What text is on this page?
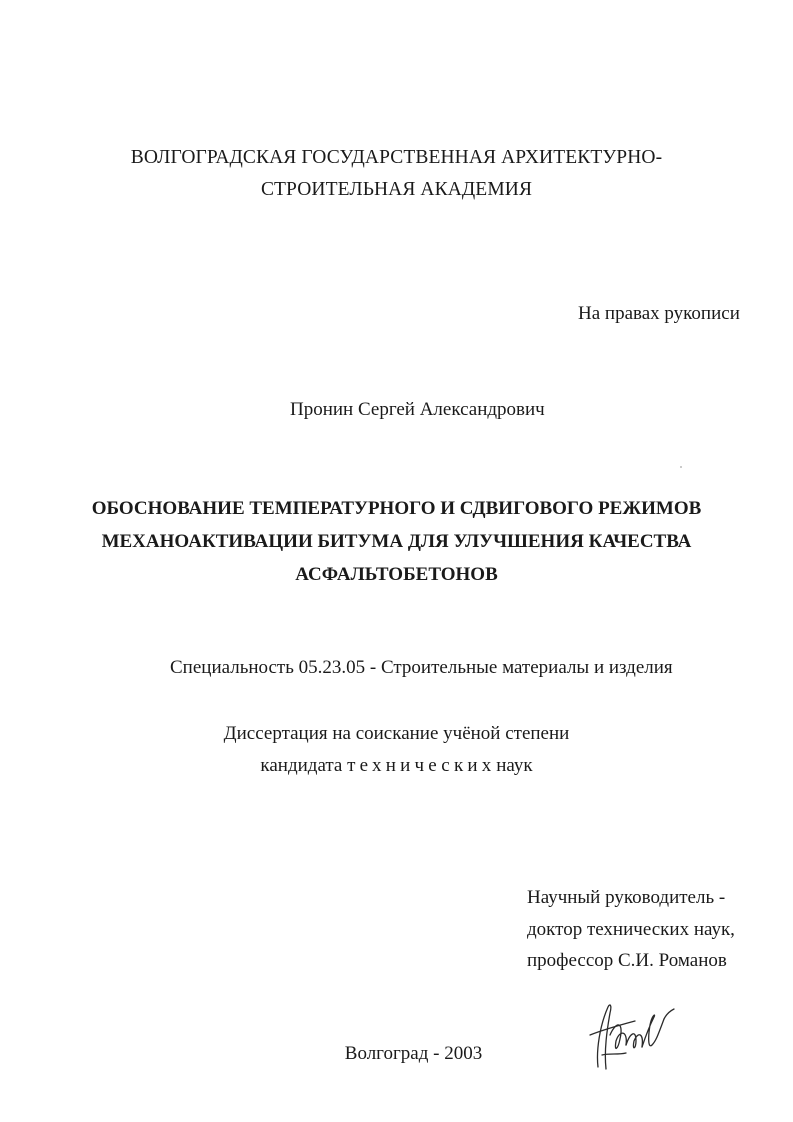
ВОЛГОГРАДСКАЯ ГОСУДАРСТВЕННАЯ АРХИТЕКТУРНО-
СТРОИТЕЛЬНАЯ АКАДЕМИЯ
На правах рукописи
Пронин Сергей Александрович
ОБОСНОВАНИЕ ТЕМПЕРАТУРНОГО И СДВИГОВОГО РЕЖИМОВ
МЕХАНОАКТИВАЦИИ БИТУМА ДЛЯ УЛУЧШЕНИЯ КАЧЕСТВА
АСФАЛЬТОБЕТОНОВ
Специальность 05.23.05 - Строительные материалы и изделия
Диссертация на соискание учёной степени
кандидата технических наук
Научный руководитель -
доктор технических наук,
профессор С.И. Романов
Волгоград - 2003
